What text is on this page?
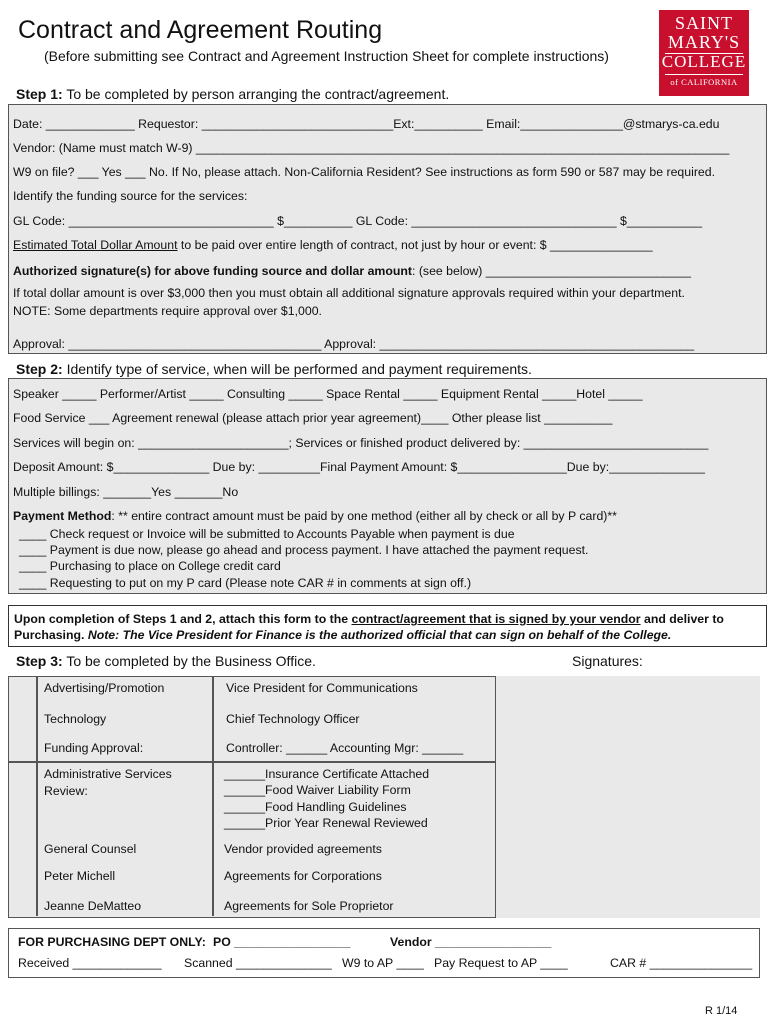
Contract and Agreement Routing
(Before submitting see Contract and Agreement Instruction Sheet for complete instructions)
SAINT
MARY'S
COLLEGE
of CALIFORNIA
Step 1: To be completed by person arranging the contract/agreement.
Date: _____________ Requestor: ____________________________Ext:__________ Email:_______________@stmarys-ca.edu
Vendor: (Name must match W-9) ______________________________________________________________________________
W9 on file? ___ Yes ___ No. If No, please attach. Non-California Resident? See instructions as form 590 or 587 may be required.
Identify the funding source for the services:
GL Code: ______________________________ $__________ GL Code: ______________________________ $___________
Estimated Total Dollar Amount to be paid over entire length of contract, not just by hour or event: $ _______________
Authorized signature(s) for above funding source and dollar amount: (see below) ______________________________
If total dollar amount is over $3,000 then you must obtain all additional signature approvals required within your department.
NOTE: Some departments require approval over $1,000.
Approval: _____________________________________ Approval: ______________________________________________
Step 2: Identify type of service, when will be performed and payment requirements.
Speaker _____ Performer/Artist _____ Consulting _____ Space Rental _____ Equipment Rental _____Hotel _____
Food Service ___ Agreement renewal (please attach prior year agreement)____ Other please list __________
Services will begin on: ______________________; Services or finished product delivered by: ___________________________
Deposit Amount: $______________ Due by: _________Final Payment Amount: $________________Due by:______________
Multiple billings: _______Yes _______No
Payment Method: ** entire contract amount must be paid by one method (either all by check or all by P card)**
____ Check request or Invoice will be submitted to Accounts Payable when payment is due
____ Payment is due now, please go ahead and process payment. I have attached the payment request.
____ Purchasing to place on College credit card
____ Requesting to put on my P card (Please note CAR # in comments at sign off.)
Upon completion of Steps 1 and 2, attach this form to the contract/agreement that is signed by your vendor and deliver to
Purchasing. Note: The Vice President for Finance is the authorized official that can sign on behalf of the College.
Step 3: To be completed by the Business Office.	Signatures:
Advertising/Promotion	Vice President for Communications
Technology	Chief Technology Officer
Funding Approval:	Controller: ______ Accounting Mgr: ______
Administrative Services
Review:
______Insurance Certificate Attached
______Food Waiver Liability Form
______Food Handling Guidelines
______Prior Year Renewal Reviewed
General Counsel	Vendor provided agreements
Peter Michell	Agreements for Corporations
Jeanne DeMatteo	Agreements for Sole Proprietor
FOR PURCHASING DEPT ONLY: PO _________________	Vendor _________________
Received _____________ Scanned ______________ W9 to AP ____ Pay Request to AP ____	CAR # _______________
R 1/14
